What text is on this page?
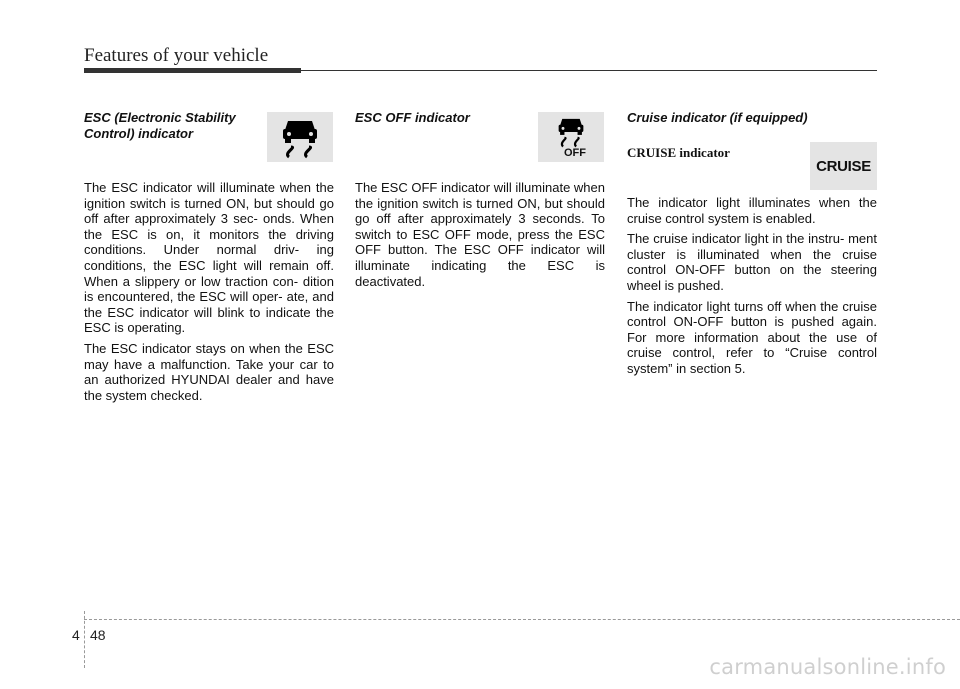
Features of your vehicle
ESC (Electronic Stability Control) indicator

The ESC indicator will illuminate when the ignition switch is turned ON, but should go off after approximately 3 sec- onds. When the ESC is on, it monitors the driving conditions. Under normal driv- ing conditions, the ESC light will remain off. When a slippery or low traction con- dition is encountered, the ESC will oper- ate, and the ESC indicator will blink to indicate the ESC is operating.

The ESC indicator stays on when the ESC may have a malfunction. Take your car to an authorized HYUNDAI dealer and have the system checked.

ESC OFF indicator
OFF

The ESC OFF indicator will illuminate when the ignition switch is turned ON, but should go off after approximately 3 seconds. To switch to ESC OFF mode, press the ESC OFF button. The ESC OFF indicator will illuminate indicating the ESC is deactivated.

Cruise indicator (if equipped)
CRUISE indicator
CRUISE

The indicator light illuminates when the cruise control system is enabled.

The cruise indicator light in the instru- ment cluster is illuminated when the cruise control ON-OFF button on the steering wheel is pushed.

The indicator light turns off when the cruise control ON-OFF button is pushed again. For more information about the use of cruise control, refer to “Cruise control system” in section 5.

4 48
carmanualsonline.info
